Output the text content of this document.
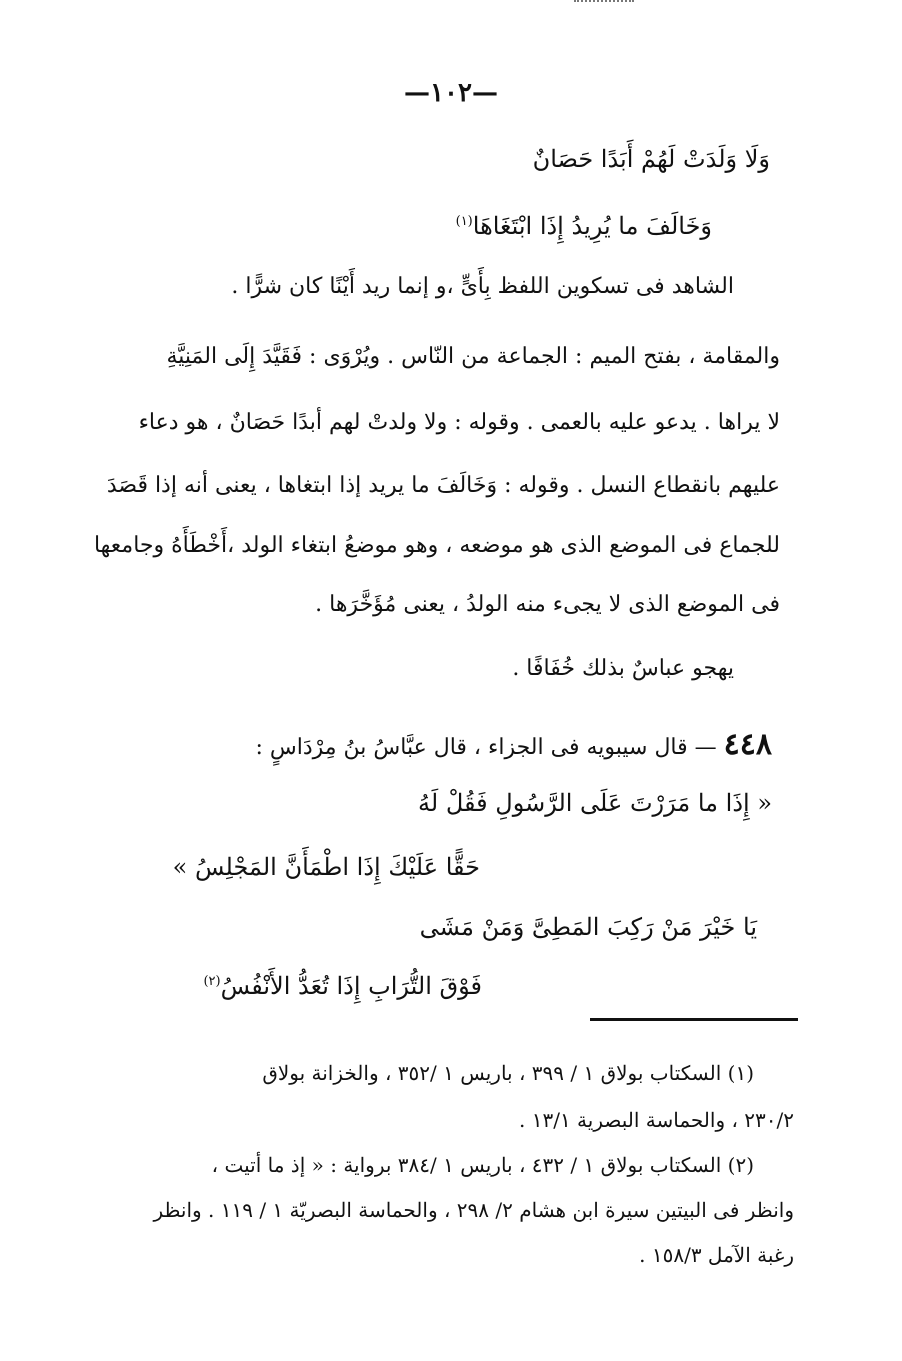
—١٠٢—
وَلَا وَلَدَتْ لَهُمْ أَبَدًا حَصَانٌ
وَخَالَفَ ما يُرِيدُ إِذَا ابْتَغَاهَا$^{(١)}$
الشاهد فى تسكوين اللفظ بِأَىٍّ ،و إنما ريد أَيْنًا كان شرًّا .
والمقامة ، بفتح الميم : الجماعة من النّاس . ويُرْوَى : فَقَيَّدَ إِلَى المَنِيَّةِ
لا يراها . يدعو عليه بالعمى . وقوله : ولا ولدتْ لهم أبدًا حَصَانٌ ، هو دعاء
عليهم بانقطاع النسل . وقوله : وَخَالَفَ ما يريد إذا ابتغاها ، يعنى أنه إذا قَصَدَ
للجماع فى الموضع الذى هو موضعه ، وهو موضعُ ابتغاء الولد ،أَخْطَأَهُ وجامعها
فى الموضع الذى لا يجىء منه الولدُ ، يعنى مُؤَخَّرَها .
يهجو عباسٌ بذلك خُفَافًا .
٤٤٨ — قال سيبويه فى الجزاء ، قال عبَّاسُ بنُ مِرْدَاسٍ :
« إِذَا ما مَرَرْتَ عَلَى الرَّسُولِ فَقُلْ لَهُ
حَقًّا عَلَيْكَ إِذَا اطْمَأَنَّ المَجْلِسُ »
يَا خَيْرَ مَنْ رَكِبَ المَطِىَّ وَمَنْ مَشَى
فَوْقَ التُّرَابِ إِذَا تُعَدُّ الأَنْفُسُ$^{(٢)}$
(١) السكتاب بولاق ١ / ٣٩٩ ، باريس ١ /٣٥٢ ، والخزانة بولاق
٢٣٠/٢ ، والحماسة البصرية ١٣/١ .
(٢) السكتاب بولاق ١ / ٤٣٢ ، باريس ١ /٣٨٤ برواية : « إذ ما أتيت ،
وانظر فى البيتين سيرة ابن هشام ٢/ ٢٩٨ ، والحماسة البصريّة ١ / ١١٩ . وانظر
رغبة الآمل ١٥٨/٣ .
